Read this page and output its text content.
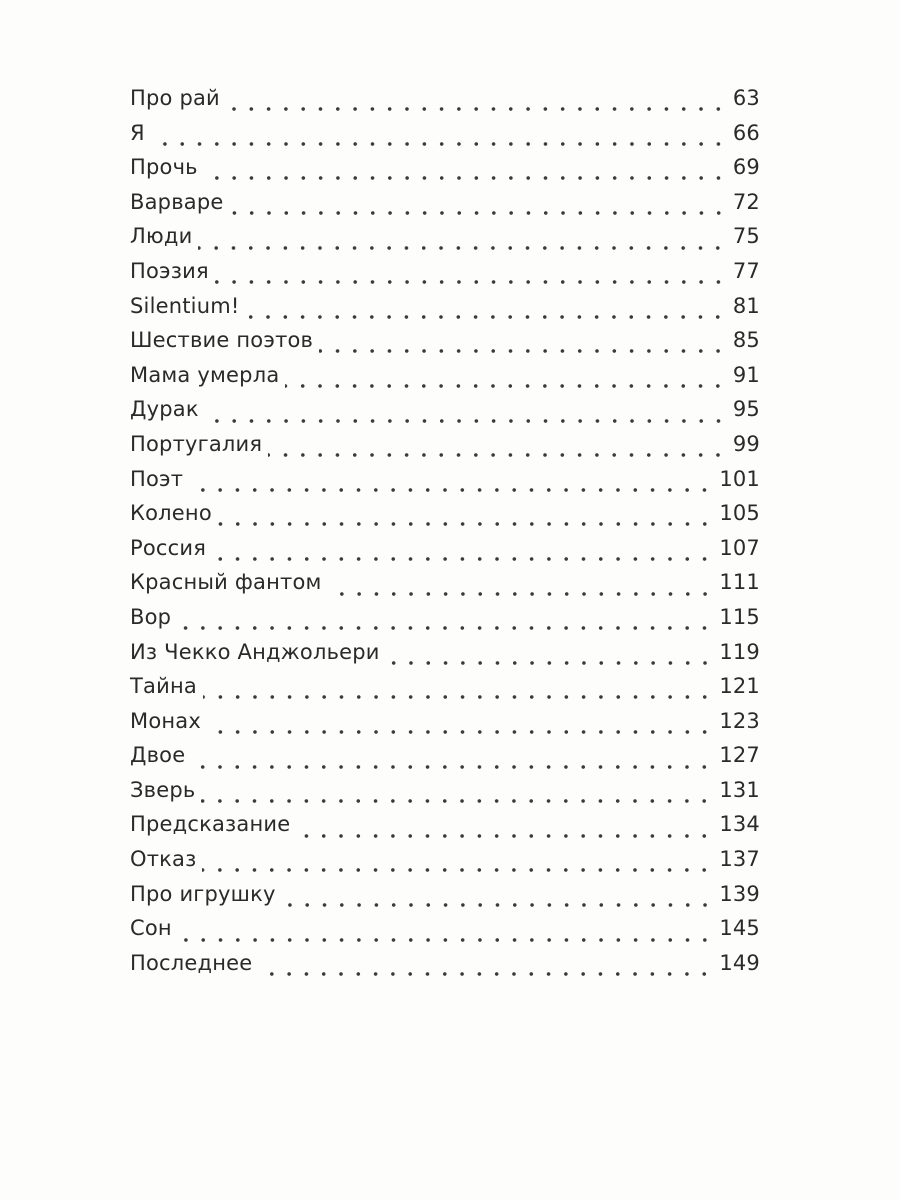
Про рай	63
Я	66
Прочь	69
Варваре	72
Люди	75
Поэзия	77
Silentium!	81
Шествие поэтов	85
Мама умерла	91
Дурак	95
Португалия	99
Поэт	101
Колено	105
Россия	107
Красный фантом	111
Вор	115
Из Чекко Анджольери	119
Тайна	121
Монах	123
Двое	127
Зверь	131
Предсказание	134
Отказ	137
Про игрушку	139
Сон	145
Последнее	149
